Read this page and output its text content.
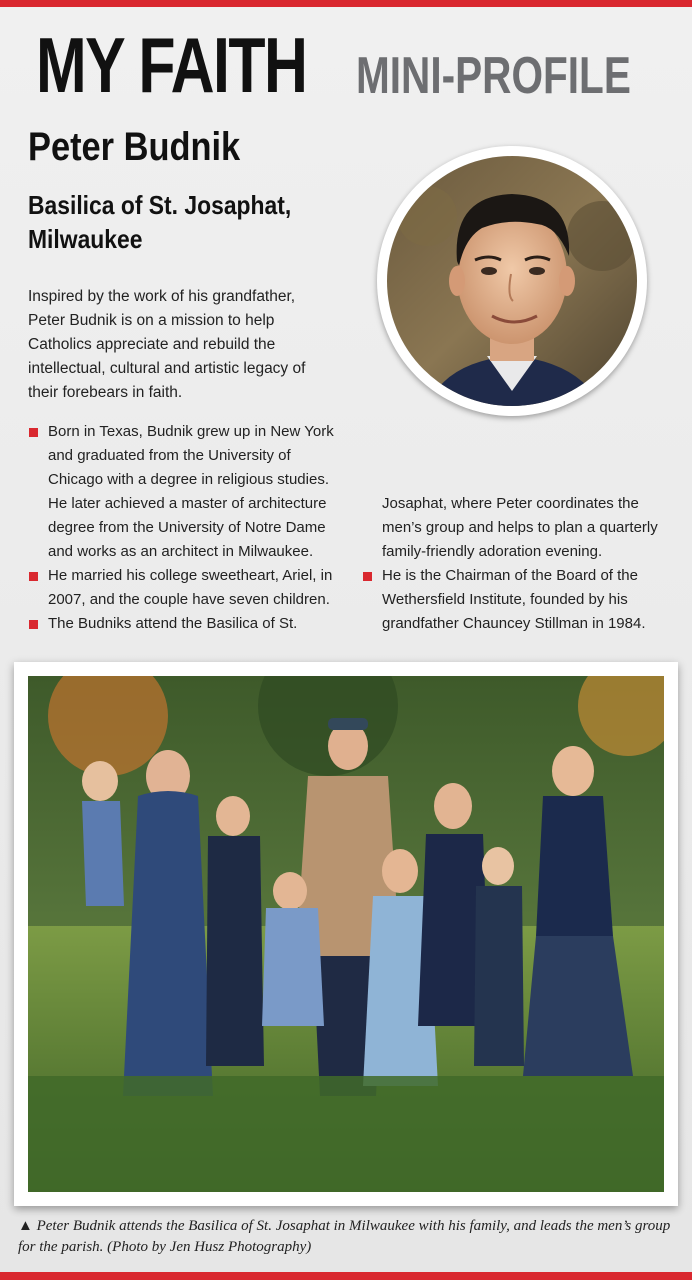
MY FAITH MINI-PROFILE
Peter Budnik
Basilica of St. Josaphat,
Milwaukee

Inspired by the work of his grandfather, Peter Budnik is on a mission to help Catholics appreciate and rebuild the intellectual, cultural and artistic legacy of their forebears in faith.

Born in Texas, Budnik grew up in New York and graduated from the University of Chicago with a degree in religious studies. He later achieved a master of architecture degree from the University of Notre Dame and works as an architect in Milwaukee.
He married his college sweetheart, Ariel, in 2007, and the couple have seven children.
The Budniks attend the Basilica of St.
Josaphat, where Peter coordinates the men’s group and helps to plan a quarterly family-friendly adoration evening.
He is the Chairman of the Board of the Wethersfield Institute, founded by his grandfather Chauncey Stillman in 1984.

▲ Peter Budnik attends the Basilica of St. Josaphat in Milwaukee with his family, and leads the men’s group for the parish. (Photo by Jen Husz Photography)
